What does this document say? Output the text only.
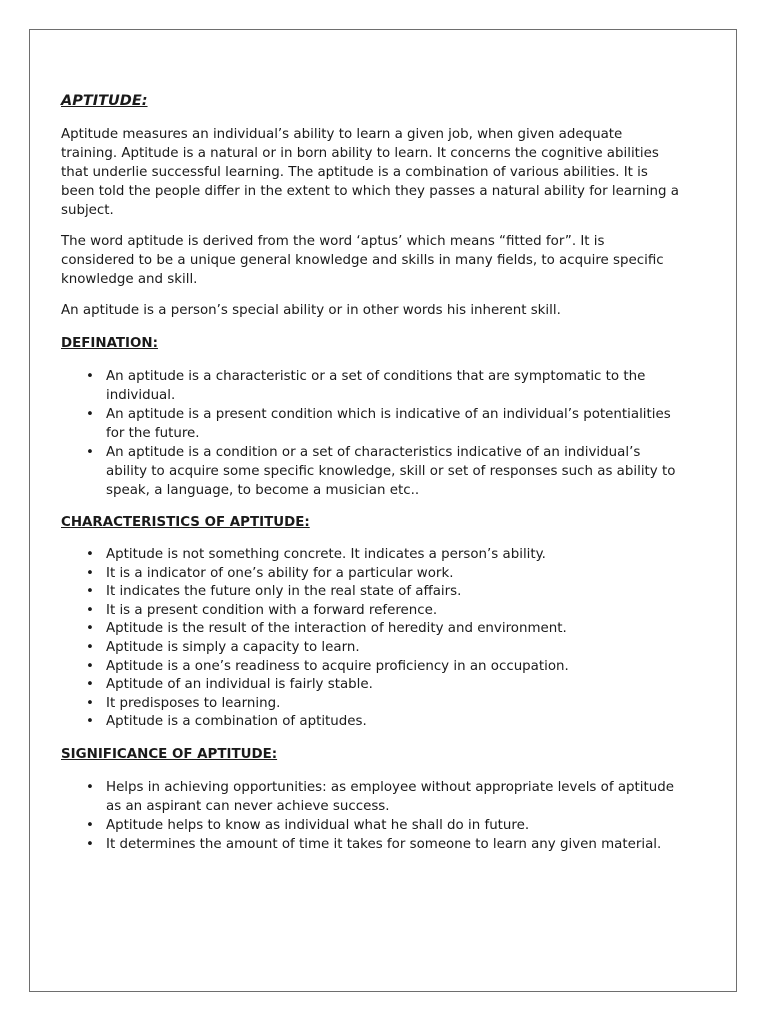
APTITUDE:

Aptitude measures an individual’s ability to learn a given job, when given adequate training. Aptitude is a natural or in born ability to learn. It concerns the cognitive abilities that underlie successful learning. The aptitude is a combination of various abilities. It is been told the people differ in the extent to which they passes a natural ability for learning a subject.

The word aptitude is derived from the word ‘aptus’ which means “fitted for”. It is considered to be a unique general knowledge and skills in many fields, to acquire specific knowledge and skill.

An aptitude is a person’s special ability or in other words his inherent skill.

DEFINATION:
• An aptitude is a characteristic or a set of conditions that are symptomatic to the individual.
• An aptitude is a present condition which is indicative of an individual’s potentialities for the future.
• An aptitude is a condition or a set of characteristics indicative of an individual’s ability to acquire some specific knowledge, skill or set of responses such as ability to speak, a language, to become a musician etc..
CHARACTERISTICS OF APTITUDE:
• Aptitude is not something concrete. It indicates a person’s ability.
• It is a indicator of one’s ability for a particular work.
• It indicates the future only in the real state of affairs.
• It is a present condition with a forward reference.
• Aptitude is the result of the interaction of heredity and environment.
• Aptitude is simply a capacity to learn.
• Aptitude is a one’s readiness to acquire proficiency in an occupation.
• Aptitude of an individual is fairly stable.
• It predisposes to learning.
• Aptitude is a combination of aptitudes.
SIGNIFICANCE OF APTITUDE:
• Helps in achieving opportunities: as employee without appropriate levels of aptitude as an aspirant can never achieve success.
• Aptitude helps to know as individual what he shall do in future.
• It determines the amount of time it takes for someone to learn any given material.
